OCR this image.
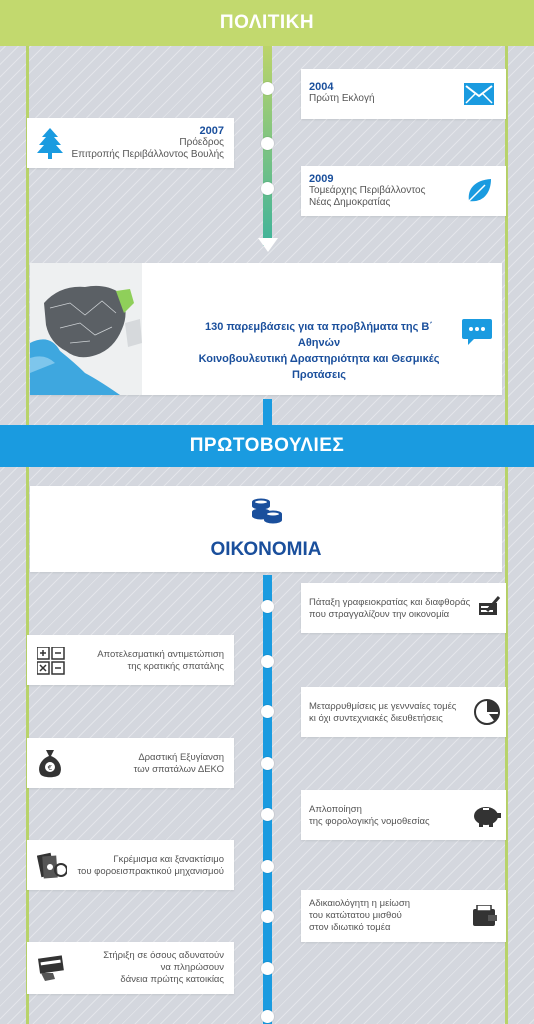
ΠΟΛΙΤΙΚΗ
2004
Πρώτη Εκλογή
2007
Πρόεδρος
Επιτροπής Περιβάλλοντος Βουλής
2009
Τομεάρχης Περιβάλλοντος
Νέας Δημοκρατίας
130 παρεμβάσεις για τα προβλήματα της Β΄ Αθηνών
Κοινοβουλευτική Δραστηριότητα και Θεσμικές Προτάσεις
ΠΡΩΤΟΒΟΥΛΙΕΣ
ΟΙΚΟΝΟΜΙΑ
Πάταξη γραφειοκρατίας και διαφθοράς
που στραγγαλίζουν την οικονομία
Αποτελεσματική αντιμετώπιση
της κρατικής σπατάλης
Μεταρρυθμίσεις με γεννναίες τομές
κι όχι συντεχνιακές διευθετήσεις
€
Δραστική Εξυγίανση
των σπατάλων ΔΕΚΟ
Απλοποίηση
της φορολογικής νομοθεσίας
Γκρέμισμα και ξανακτίσιμο
του φοροεισπρακτικού μηχανισμού
Αδικαιολόγητη η μείωση
του κατώτατου μισθού
στον ιδιωτικό τομέα
Στήριξη σε όσους αδυνατούν
να πληρώσουν
δάνεια πρώτης κατοικίας
